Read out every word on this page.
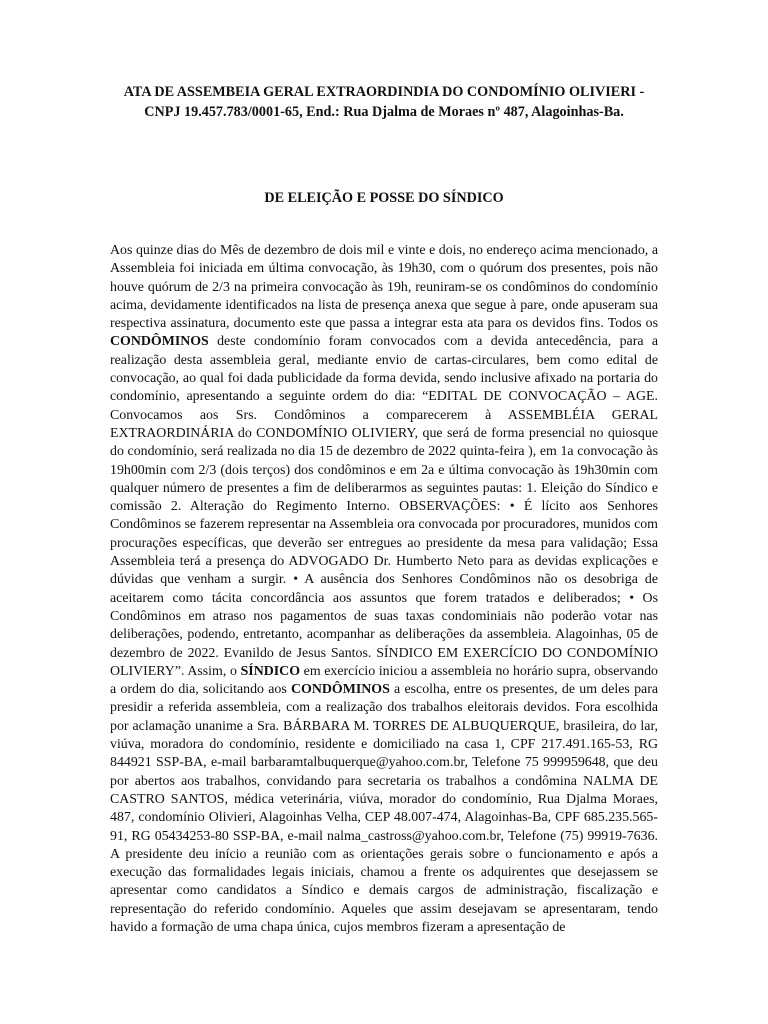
ATA DE ASSEMBEIA GERAL EXTRAORDINDIA DO CONDOMÍNIO OLIVIERI - CNPJ 19.457.783/0001-65, End.: Rua Djalma de Moraes nº 487, Alagoinhas-Ba.
DE ELEIÇÃO E POSSE DO SÍNDICO

Aos quinze dias do Mês de dezembro de dois mil e vinte e dois, no endereço acima mencionado, a Assembleia foi iniciada em última convocação, às 19h30, com o quórum dos presentes, pois não houve quórum de 2/3 na primeira convocação às 19h, reuniram-se os condôminos do condomínio acima, devidamente identificados na lista de presença anexa que segue à pare, onde apuseram sua respectiva assinatura, documento este que passa a integrar esta ata para os devidos fins. Todos os CONDÔMINOS deste condomínio foram convocados com a devida antecedência, para a realização desta assembleia geral, mediante envio de cartas-circulares, bem como edital de convocação, ao qual foi dada publicidade da forma devida, sendo inclusive afixado na portaria do condomínio, apresentando a seguinte ordem do dia: “EDITAL DE CONVOCAÇÃO – AGE. Convocamos aos Srs. Condôminos a comparecerem à ASSEMBLÉIA GERAL EXTRAORDINÁRIA do CONDOMÍNIO OLIVIERY, que será de forma presencial no quiosque do condomínio, será realizada no dia 15 de dezembro de 2022 quinta-feira ), em 1a convocação às 19h00min com 2/3 (dois terços) dos condôminos e em 2a e última convocação às 19h30min com qualquer número de presentes a fim de deliberarmos as seguintes pautas: 1. Eleição do Síndico e comissão 2. Alteração do Regimento Interno. OBSERVAÇÕES: • É lícito aos Senhores Condôminos se fazerem representar na Assembleia ora convocada por procuradores, munidos com procurações específicas, que deverão ser entregues ao presidente da mesa para validação; Essa Assembleia terá a presença do ADVOGADO Dr. Humberto Neto para as devidas explicações e dúvidas que venham a surgir. • A ausência dos Senhores Condôminos não os desobriga de aceitarem como tácita concordância aos assuntos que forem tratados e deliberados; • Os Condôminos em atraso nos pagamentos de suas taxas condominiais não poderão votar nas deliberações, podendo, entretanto, acompanhar as deliberações da assembleia. Alagoinhas, 05 de dezembro de 2022. Evanildo de Jesus Santos. SÍNDICO EM EXERCÍCIO DO CONDOMÍNIO OLIVIERY”. Assim, o SÍNDICO em exercício iniciou a assembleia no horário supra, observando a ordem do dia, solicitando aos CONDÔMINOS a escolha, entre os presentes, de um deles para presidir a referida assembleia, com a realização dos trabalhos eleitorais devidos. Fora escolhida por aclamação unanime a Sra. BÁRBARA M. TORRES DE ALBUQUERQUE, brasileira, do lar, viúva, moradora do condomínio, residente e domiciliado na casa 1, CPF 217.491.165-53, RG 844921 SSP-BA, e-mail barbaramtalbuquerque@yahoo.com.br, Telefone 75 999959648, que deu por abertos aos trabalhos, convidando para secretaria os trabalhos a condômina NALMA DE CASTRO SANTOS, médica veterinária, viúva, morador do condomínio, Rua Djalma Moraes, 487, condomínio Olivieri, Alagoinhas Velha, CEP 48.007-474, Alagoinhas-Ba, CPF 685.235.565-91, RG 05434253-80 SSP-BA, e-mail nalma_castross@yahoo.com.br, Telefone (75) 99919-7636. A presidente deu início a reunião com as orientações gerais sobre o funcionamento e após a execução das formalidades legais iniciais, chamou a frente os adquirentes que desejassem se apresentar como candidatos a Síndico e demais cargos de administração, fiscalização e representação do referido condomínio. Aqueles que assim desejavam se apresentaram, tendo havido a formação de uma chapa única, cujos membros fizeram a apresentação de
